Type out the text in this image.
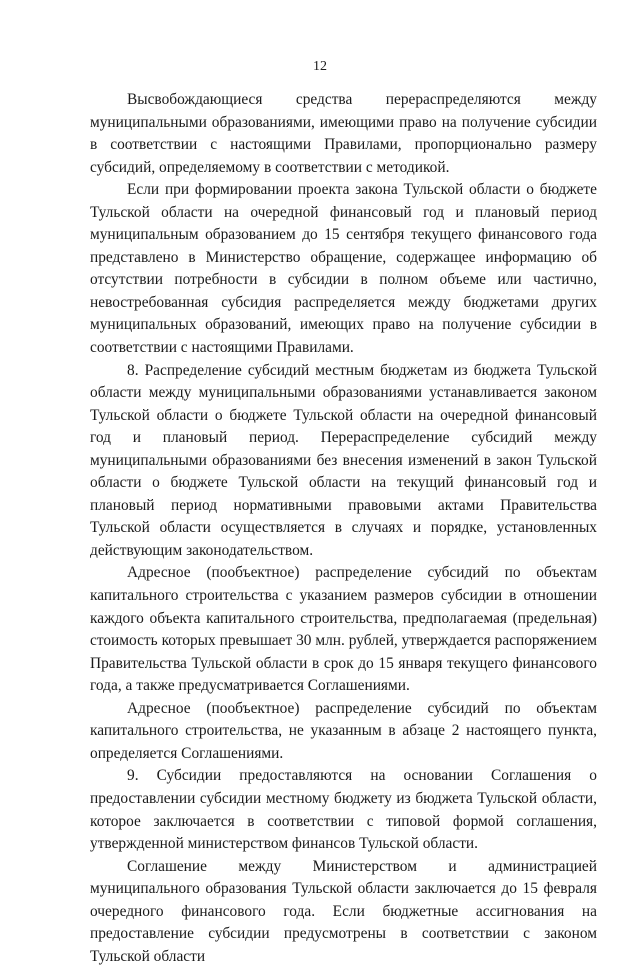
12

Высвобождающиеся средства перераспределяются между муниципальными образованиями, имеющими право на получение субсидии в соответствии с настоящими Правилами, пропорционально размеру субсидий, определяемому в соответствии с методикой.

Если при формировании проекта закона Тульской области о бюджете Тульской области на очередной финансовый год и плановый период муниципальным образованием до 15 сентября текущего финансового года представлено в Министерство обращение, содержащее информацию об отсутствии потребности в субсидии в полном объеме или частично, невостребованная субсидия распределяется между бюджетами других муниципальных образований, имеющих право на получение субсидии в соответствии с настоящими Правилами.

8. Распределение субсидий местным бюджетам из бюджета Тульской области между муниципальными образованиями устанавливается законом Тульской области о бюджете Тульской области на очередной финансовый год и плановый период. Перераспределение субсидий между муниципальными образованиями без внесения изменений в закон Тульской области о бюджете Тульской области на текущий финансовый год и плановый период нормативными правовыми актами Правительства Тульской области осуществляется в случаях и порядке, установленных действующим законодательством.

Адресное (пообъектное) распределение субсидий по объектам капитального строительства с указанием размеров субсидии в отношении каждого объекта капитального строительства, предполагаемая (предельная) стоимость которых превышает 30 млн. рублей, утверждается распоряжением Правительства Тульской области в срок до 15 января текущего финансового года, а также предусматривается Соглашениями.

Адресное (пообъектное) распределение субсидий по объектам капитального строительства, не указанным в абзаце 2 настоящего пункта, определяется Соглашениями.

9. Субсидии предоставляются на основании Соглашения о предоставлении субсидии местному бюджету из бюджета Тульской области, которое заключается в соответствии с типовой формой соглашения, утвержденной министерством финансов Тульской области.

Соглашение между Министерством и администрацией муниципального образования Тульской области заключается до 15 февраля очередного финансового года. Если бюджетные ассигнования на предоставление субсидии предусмотрены в соответствии с законом Тульской области
